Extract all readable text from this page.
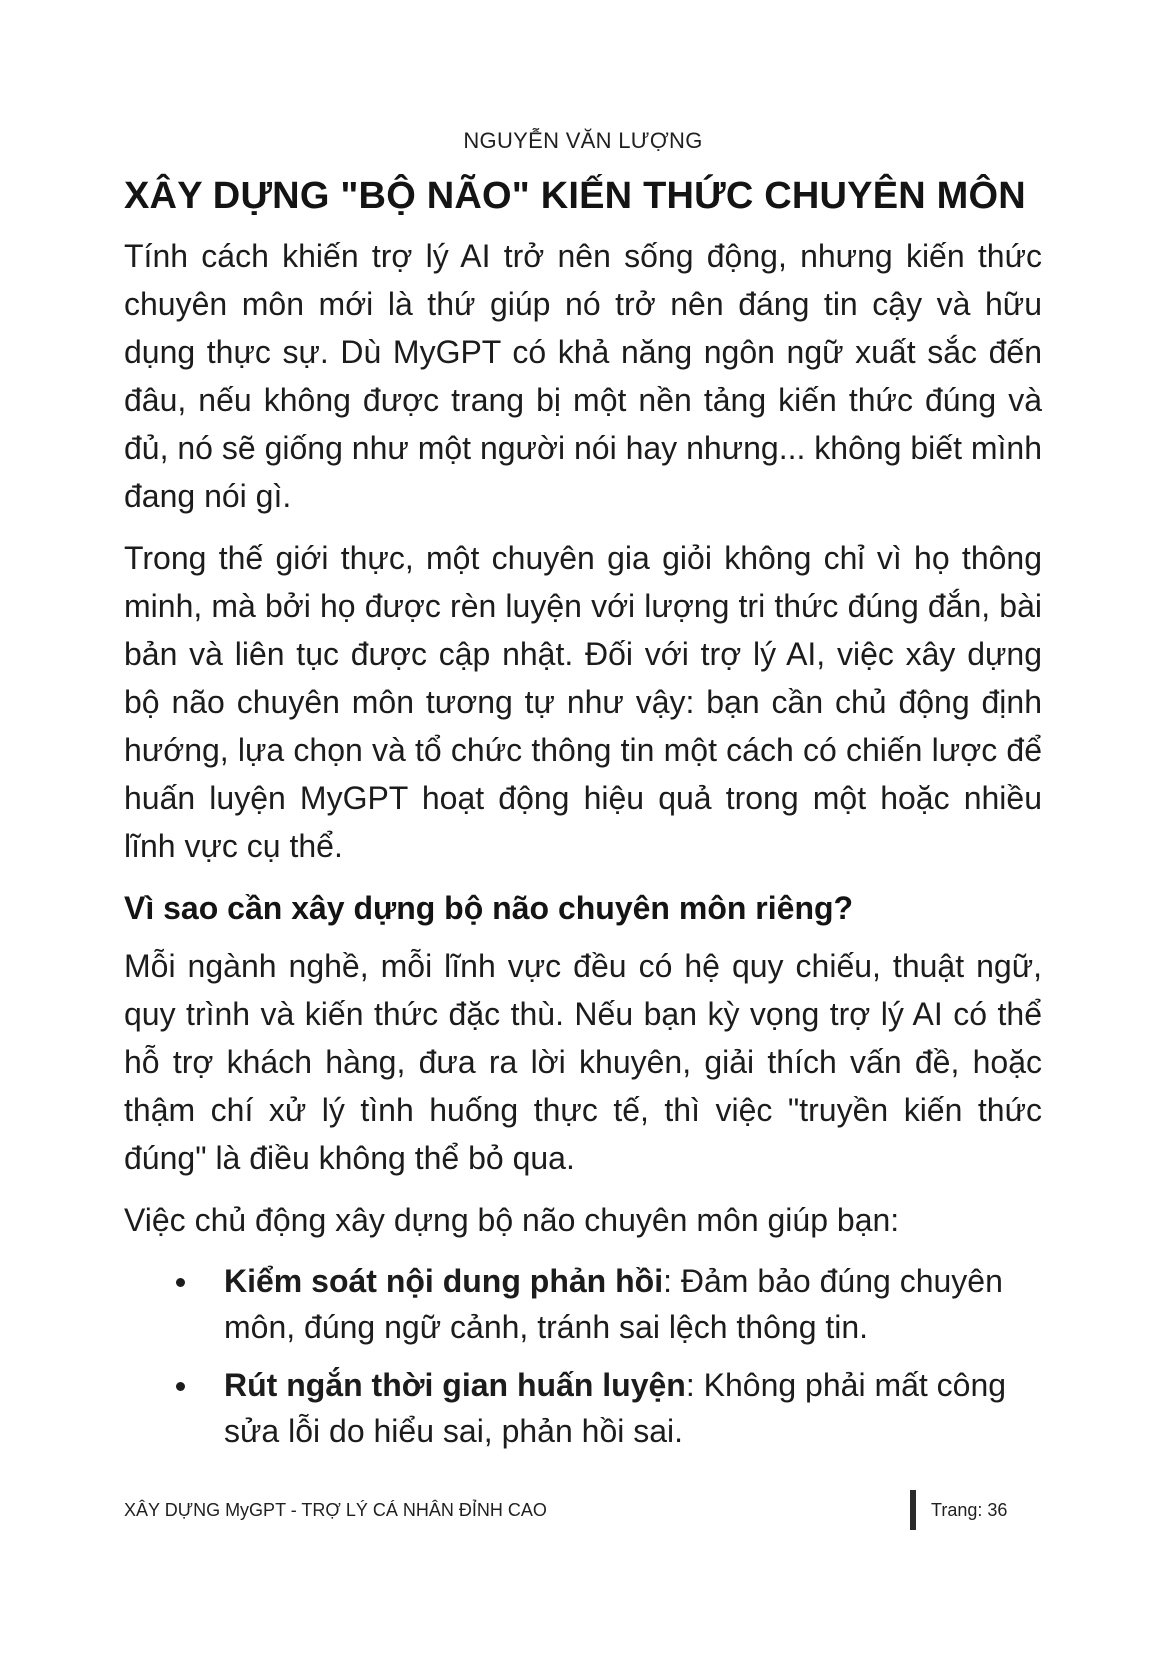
NGUYỄN VĂN LƯỢNG
XÂY DỰNG "BỘ NÃO" KIẾN THỨC CHUYÊN MÔN

Tính cách khiến trợ lý AI trở nên sống động, nhưng kiến thức chuyên môn mới là thứ giúp nó trở nên đáng tin cậy và hữu dụng thực sự. Dù MyGPT có khả năng ngôn ngữ xuất sắc đến đâu, nếu không được trang bị một nền tảng kiến thức đúng và đủ, nó sẽ giống như một người nói hay nhưng... không biết mình đang nói gì.

Trong thế giới thực, một chuyên gia giỏi không chỉ vì họ thông minh, mà bởi họ được rèn luyện với lượng tri thức đúng đắn, bài bản và liên tục được cập nhật. Đối với trợ lý AI, việc xây dựng bộ não chuyên môn tương tự như vậy: bạn cần chủ động định hướng, lựa chọn và tổ chức thông tin một cách có chiến lược để huấn luyện MyGPT hoạt động hiệu quả trong một hoặc nhiều lĩnh vực cụ thể.

Vì sao cần xây dựng bộ não chuyên môn riêng?

Mỗi ngành nghề, mỗi lĩnh vực đều có hệ quy chiếu, thuật ngữ, quy trình và kiến thức đặc thù. Nếu bạn kỳ vọng trợ lý AI có thể hỗ trợ khách hàng, đưa ra lời khuyên, giải thích vấn đề, hoặc thậm chí xử lý tình huống thực tế, thì việc "truyền kiến thức đúng" là điều không thể bỏ qua.

Việc chủ động xây dựng bộ não chuyên môn giúp bạn:

Kiểm soát nội dung phản hồi: Đảm bảo đúng chuyên môn, đúng ngữ cảnh, tránh sai lệch thông tin.
Rút ngắn thời gian huấn luyện: Không phải mất công sửa lỗi do hiểu sai, phản hồi sai.
XÂY DỰNG MyGPT - TRỢ LÝ CÁ NHÂN ĐỈNH CAO	Trang: 36
